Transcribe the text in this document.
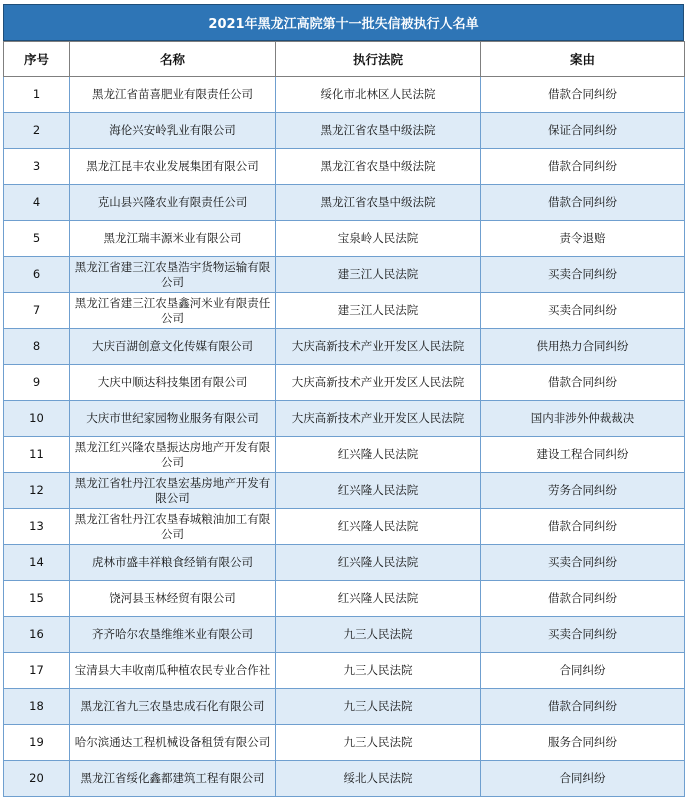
2021年黑龙江高院第十一批失信被执行人名单
序号	名称	执行法院	案由

1	黑龙江省苗喜肥业有限责任公司	绥化市北林区人民法院	借款合同纠纷

2	海伦兴安岭乳业有限公司	黑龙江省农垦中级法院	保证合同纠纷

3	黑龙江昆丰农业发展集团有限公司	黑龙江省农垦中级法院	借款合同纠纷

4	克山县兴隆农业有限责任公司	黑龙江省农垦中级法院	借款合同纠纷

5	黑龙江瑞丰源米业有限公司	宝泉岭人民法院	责令退赔

6	黑龙江省建三江农垦浩宇货物运输有限公司	建三江人民法院	买卖合同纠纷

7	黑龙江省建三江农垦鑫河米业有限责任公司	建三江人民法院	买卖合同纠纷

8	大庆百湖创意文化传媒有限公司	大庆高新技术产业开发区人民法院	供用热力合同纠纷

9	大庆中顺达科技集团有限公司	大庆高新技术产业开发区人民法院	借款合同纠纷

10	大庆市世纪家园物业服务有限公司	大庆高新技术产业开发区人民法院	国内非涉外仲裁裁决

11	黑龙江红兴隆农垦振达房地产开发有限公司	红兴隆人民法院	建设工程合同纠纷

12	黑龙江省牡丹江农垦宏基房地产开发有限公司	红兴隆人民法院	劳务合同纠纷

13	黑龙江省牡丹江农垦春城粮油加工有限公司	红兴隆人民法院	借款合同纠纷

14	虎林市盛丰祥粮食经销有限公司	红兴隆人民法院	买卖合同纠纷

15	饶河县玉林经贸有限公司	红兴隆人民法院	借款合同纠纷

16	齐齐哈尔农垦维维米业有限公司	九三人民法院	买卖合同纠纷

17	宝清县大丰收南瓜种植农民专业合作社	九三人民法院	合同纠纷

18	黑龙江省九三农垦忠成石化有限公司	九三人民法院	借款合同纠纷

19	哈尔滨通达工程机械设备租赁有限公司	九三人民法院	服务合同纠纷

20	黑龙江省绥化鑫都建筑工程有限公司	绥北人民法院	合同纠纷
